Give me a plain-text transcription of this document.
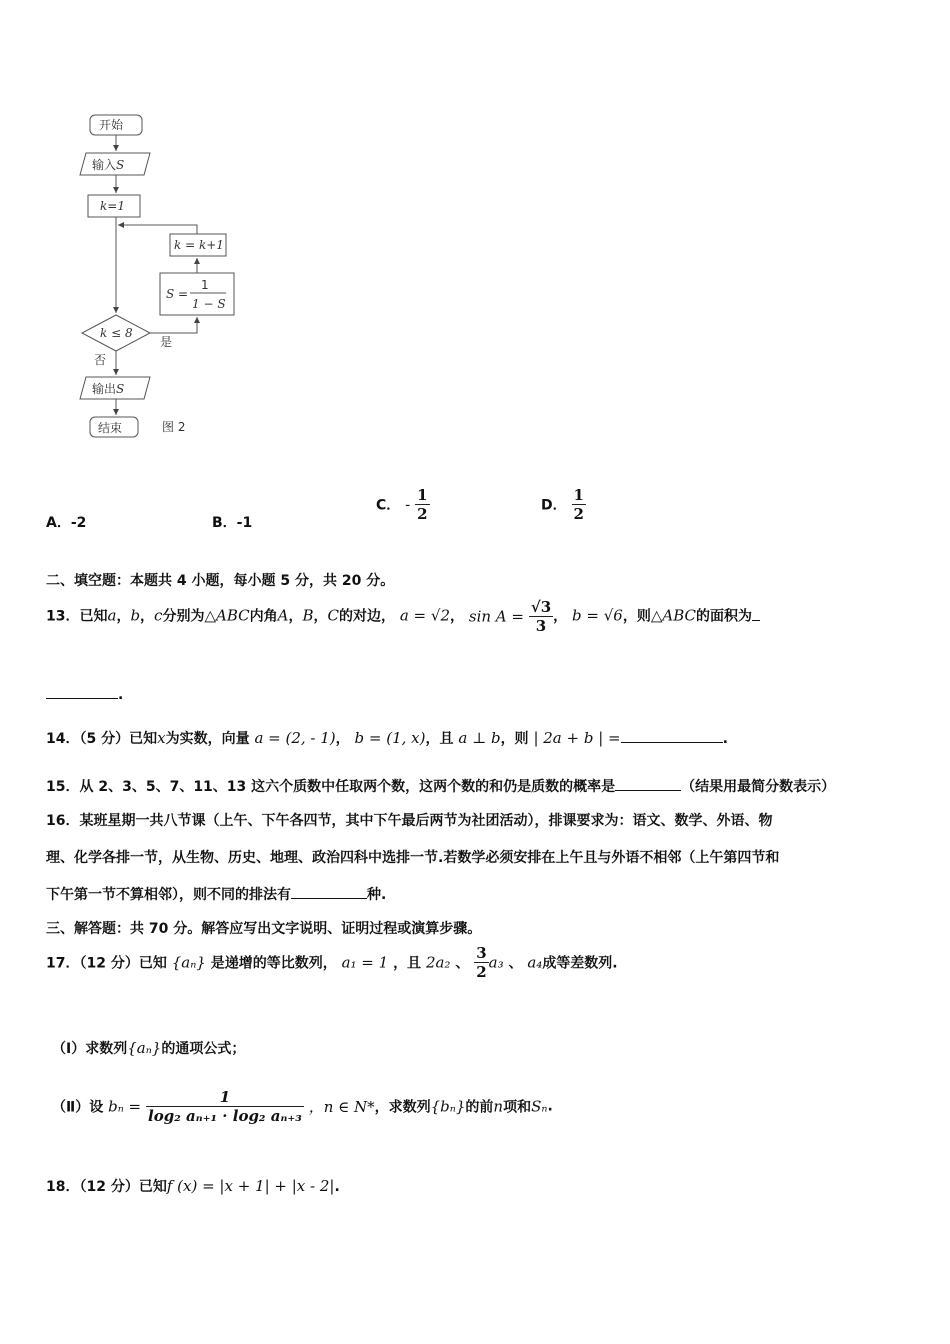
开始
输入S
k=1
k = k+1
S =
1
1 − S
k ≤ 8
是
否
输出S
结束	图 2
A．-2	B．-1
C． - $\frac{1}{2}$	D． $\frac{1}{2}$
二、填空题：本题共 4 小题，每小题 5 分，共 20 分。
13．已知a，b，c分别为△ABC内角A，B，C的对边， a = √2， $\sin A = \frac{√3}{3}$ ， b = √6，则△ABC的面积为
.
14．（5 分）已知x为实数，向量 a = (2, - 1)， b = (1, x)，且 a ⊥ b，则 | 2a + b | =	.
15．从 2、3、5、7、11、13 这六个质数中任取两个数，这两个数的和仍是质数的概率是	（结果用最简分数表示）
16．某班星期一共八节课（上午、下午各四节，其中下午最后两节为社团活动），排课要求为：语文、数学、外语、物
理、化学各排一节，从生物、历史、地理、政治四科中选排一节.若数学必须安排在上午且与外语不相邻（上午第四节和
下午第一节不算相邻），则不同的排法有	种.
三、解答题：共 70 分。解答应写出文字说明、证明过程或演算步骤。
17．（12 分）已知 {aₙ} 是递增的等比数列， a₁ = 1 ，且 2a₂ 、 $\frac{3}{2} a_3$ 、 a₄成等差数列.
（Ⅰ）求数列{aₙ}的通项公式；
（Ⅱ）设 $b_n = \frac{1}{\text{log₂ aₙ₊₁ · log₂ aₙ₊₃}}$ ，n ∈ N*，求数列{bₙ}的前n项和Sₙ.
18．（12 分）已知f (x) = |x + 1| + |x - 2|.
